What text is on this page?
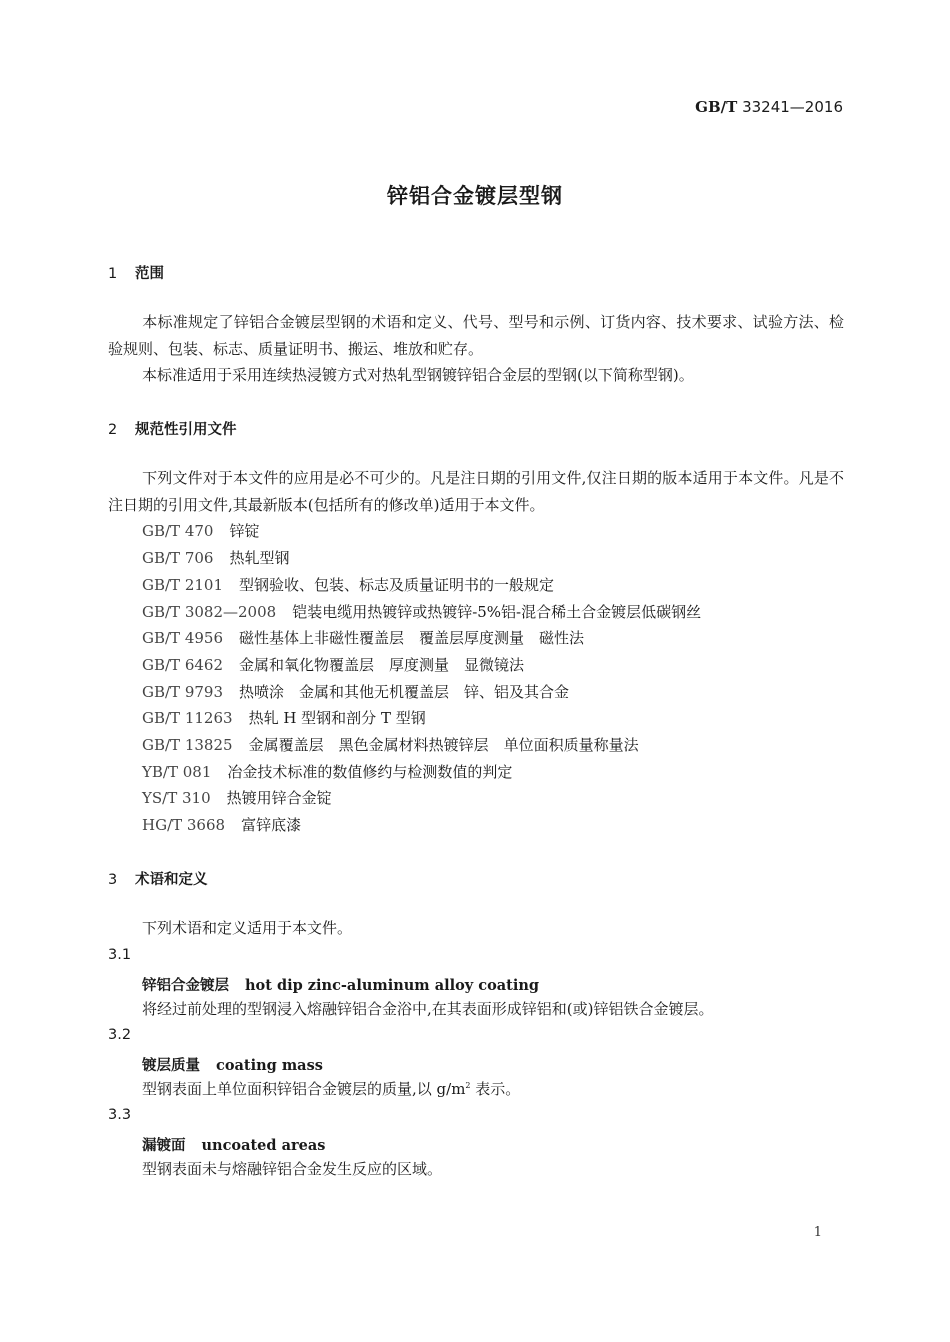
GB/T 33241—2016
锌铝合金镀层型钢
1 范围
本标准规定了锌铝合金镀层型钢的术语和定义、代号、型号和示例、订货内容、技术要求、试验方法、检验规则、包装、标志、质量证明书、搬运、堆放和贮存。
本标准适用于采用连续热浸镀方式对热轧型钢镀锌铝合金层的型钢(以下简称型钢)。
2 规范性引用文件
下列文件对于本文件的应用是必不可少的。凡是注日期的引用文件,仅注日期的版本适用于本文件。凡是不注日期的引用文件,其最新版本(包括所有的修改单)适用于本文件。
GB/T 470 锌锭
GB/T 706 热轧型钢
GB/T 2101 型钢验收、包装、标志及质量证明书的一般规定
GB/T 3082—2008 铠装电缆用热镀锌或热镀锌-5%铝-混合稀土合金镀层低碳钢丝
GB/T 4956 磁性基体上非磁性覆盖层　覆盖层厚度测量　磁性法
GB/T 6462 金属和氧化物覆盖层　厚度测量　显微镜法
GB/T 9793 热喷涂　金属和其他无机覆盖层　锌、铝及其合金
GB/T 11263 热轧 H 型钢和剖分 T 型钢
GB/T 13825 金属覆盖层　黑色金属材料热镀锌层　单位面积质量称量法
YB/T 081 冶金技术标准的数值修约与检测数值的判定
YS/T 310 热镀用锌合金锭
HG/T 3668 富锌底漆
3 术语和定义
下列术语和定义适用于本文件。
3.1
锌铝合金镀层 hot dip zinc-aluminum alloy coating
将经过前处理的型钢浸入熔融锌铝合金浴中,在其表面形成锌铝和(或)锌铝铁合金镀层。
3.2
镀层质量 coating mass
型钢表面上单位面积锌铝合金镀层的质量,以 $g/m^2$ 表示。
3.3
漏镀面 uncoated areas
型钢表面未与熔融锌铝合金发生反应的区域。
1
